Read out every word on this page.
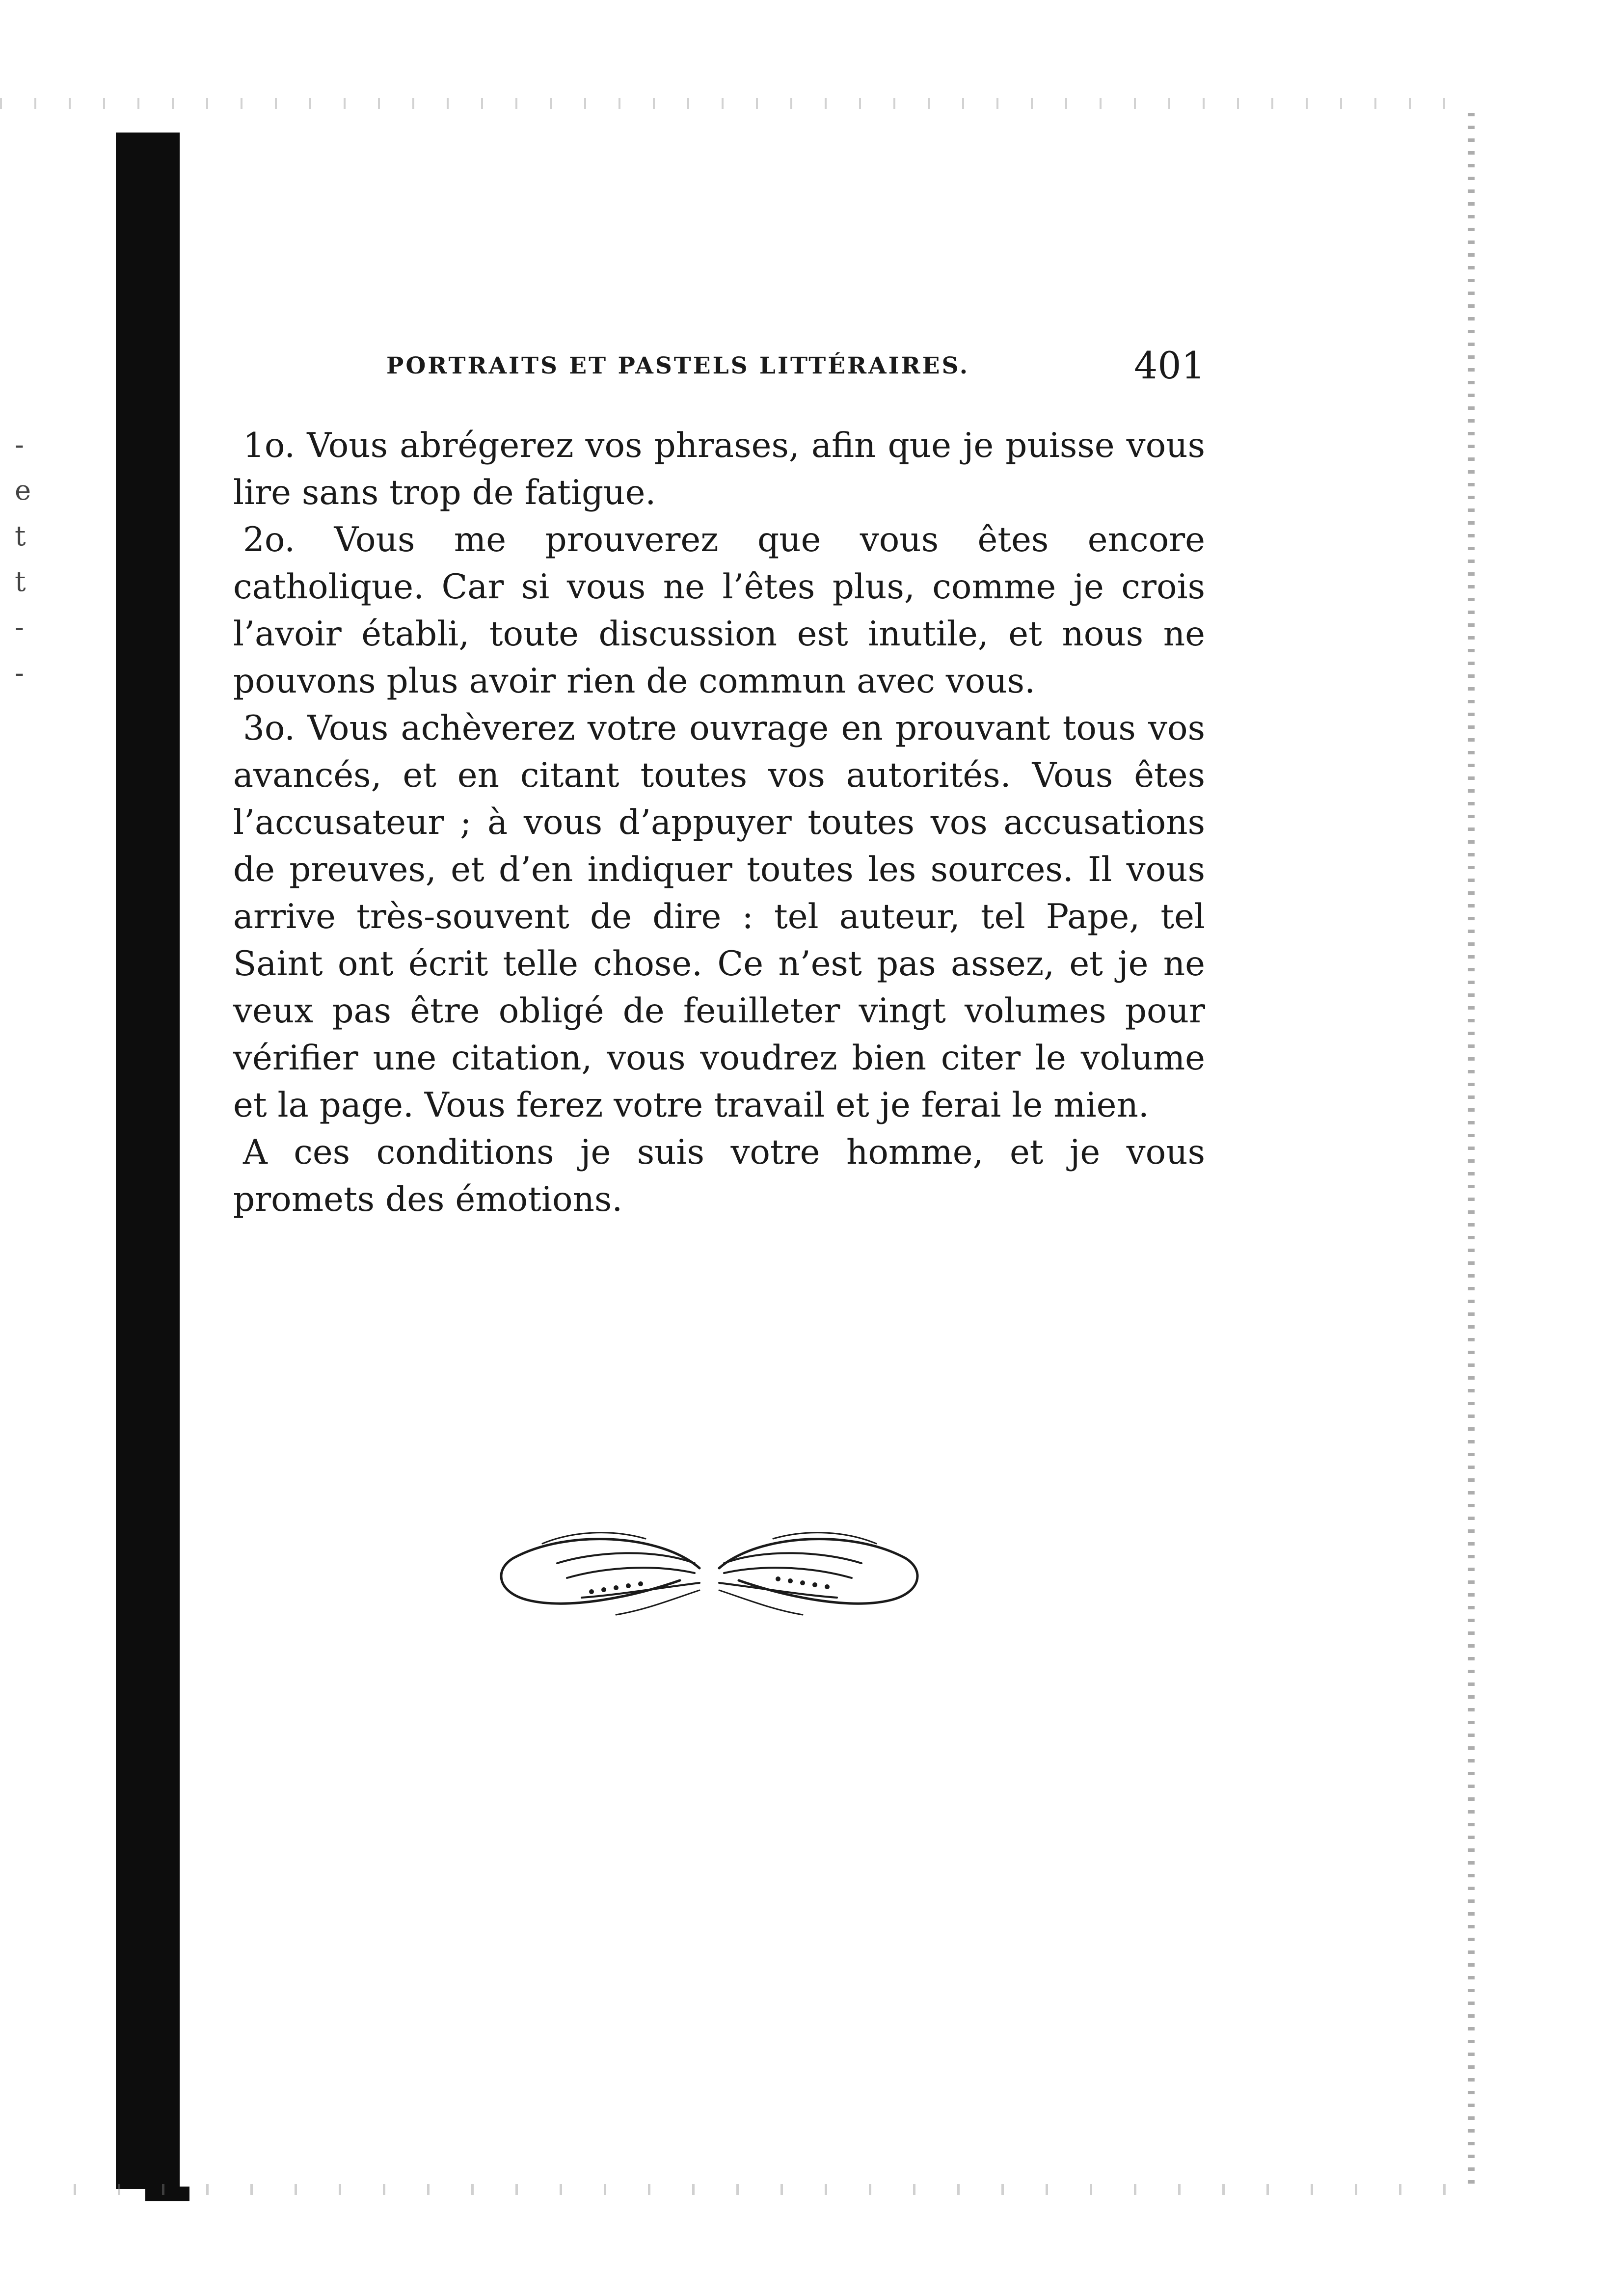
-
e
t
t
-
-
PORTRAITS ET PASTELS LITTÉRAIRES.	401

1o. Vous abrégerez vos phrases, afin que je puisse vous lire sans trop de fatigue.

2o. Vous me prouverez que vous êtes encore catholique. Car si vous ne l’êtes plus, comme je crois l’avoir établi, toute discussion est inutile, et nous ne pouvons plus avoir rien de commun avec vous.

3o. Vous achèverez votre ouvrage en prouvant tous vos avancés, et en citant toutes vos autorités. Vous êtes l’accusateur ; à vous d’appuyer toutes vos accusations de preuves, et d’en indiquer toutes les sources. Il vous arrive très-souvent de dire : tel auteur, tel Pape, tel Saint ont écrit telle chose. Ce n’est pas assez, et je ne veux pas être obligé de feuilleter vingt volumes pour vérifier une citation, vous voudrez bien citer le volume et la page. Vous ferez votre travail et je ferai le mien.

A ces conditions je suis votre homme, et je vous promets des émotions.
